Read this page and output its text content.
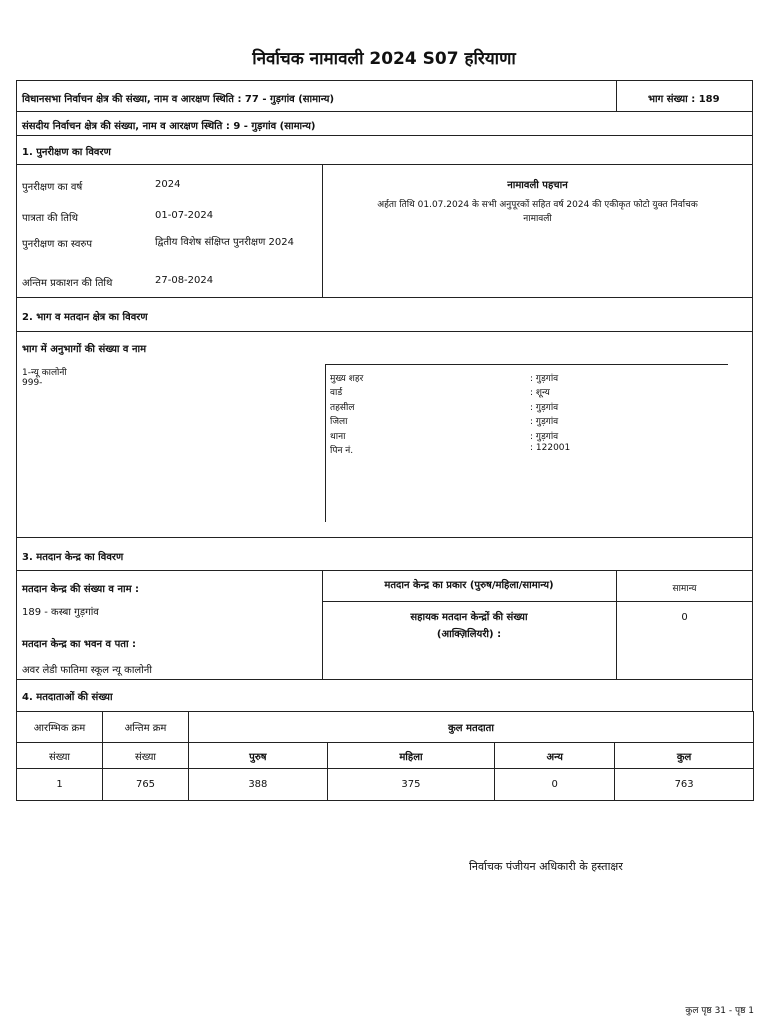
निर्वाचक नामावली 2024 S07 हरियाणा
विधानसभा निर्वाचन क्षेत्र की संख्या, नाम व आरक्षण स्थिति : 77 - गुड़गांव (सामान्य)	भाग संख्या : 189
संसदीय निर्वाचन क्षेत्र की संख्या, नाम व आरक्षण स्थिति : 9 - गुड़गांव (सामान्य)
1. पुनरीक्षण का विवरण
पुनरीक्षण का वर्ष	2024
पात्रता की तिथि	01-07-2024
पुनरीक्षण का स्वरुप	द्वितीय विशेष संक्षिप्त पुनरीक्षण 2024
अन्तिम प्रकाशन की तिथि	27-08-2024
नामावली पहचान
अर्हता तिथि 01.07.2024 के सभी अनुपूरकों सहित वर्ष 2024 की एकीकृत फोटो युक्त निर्वाचक
नामावली
2. भाग व मतदान क्षेत्र का विवरण
भाग में अनुभागों की संख्या व नाम
1-न्यू कालोनी
999-	मुख्य शहर	: गुड़गांव
वार्ड	: शून्य
तहसील	: गुड़गांव
जिला	: गुड़गांव
थाना	: गुड़गांव
पिन नं.	: 122001
3. मतदान केन्द्र का विवरण
मतदान केन्द्र की संख्या व नाम :
189 - कस्बा गुड़गांव
मतदान केन्द्र का भवन व पता :
अवर लेडी फातिमा स्कूल न्यू कालोनी
मतदान केन्द्र का प्रकार (पुरुष/महिला/सामान्य)	सामान्य
सहायक मतदान केन्द्रों की संख्या
(आक्ज़िलियरी) :
0
4. मतदाताओं की संख्या
आरम्भिक क्रम	अन्तिम क्रम	कुल मतदाता			
संख्या	संख्या	पुरुष	महिला	अन्य	कुल
1	765	388	375	0	763
निर्वाचक पंजीयन अधिकारी के हस्ताक्षर
कुल पृष्ठ 31 - पृष्ठ 1
